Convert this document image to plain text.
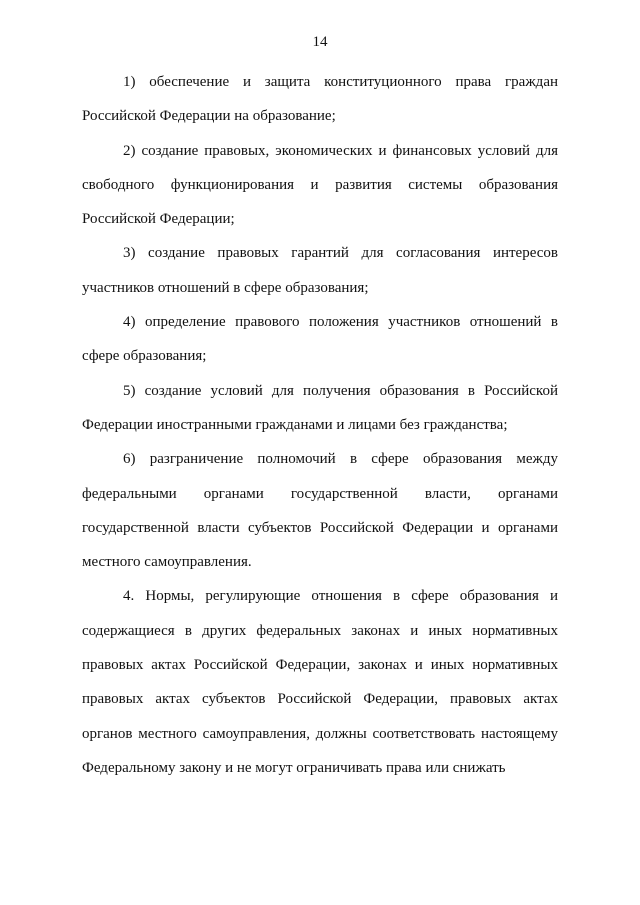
14

1) обеспечение и защита конституционного права граждан Российской Федерации на образование;

2) создание правовых, экономических и финансовых условий для свободного функционирования и развития системы образования Российской Федерации;

3) создание правовых гарантий для согласования интересов участников отношений в сфере образования;

4) определение правового положения участников отношений в сфере образования;

5) создание условий для получения образования в Российской Федерации иностранными гражданами и лицами без гражданства;

6) разграничение полномочий в сфере образования между федеральными органами государственной власти, органами государственной власти субъектов Российской Федерации и органами местного самоуправления.

4. Нормы, регулирующие отношения в сфере образования и содержащиеся в других федеральных законах и иных нормативных правовых актах Российской Федерации, законах и иных нормативных правовых актах субъектов Российской Федерации, правовых актах органов местного самоуправления, должны соответствовать настоящему Федеральному закону и не могут ограничивать права или снижать
